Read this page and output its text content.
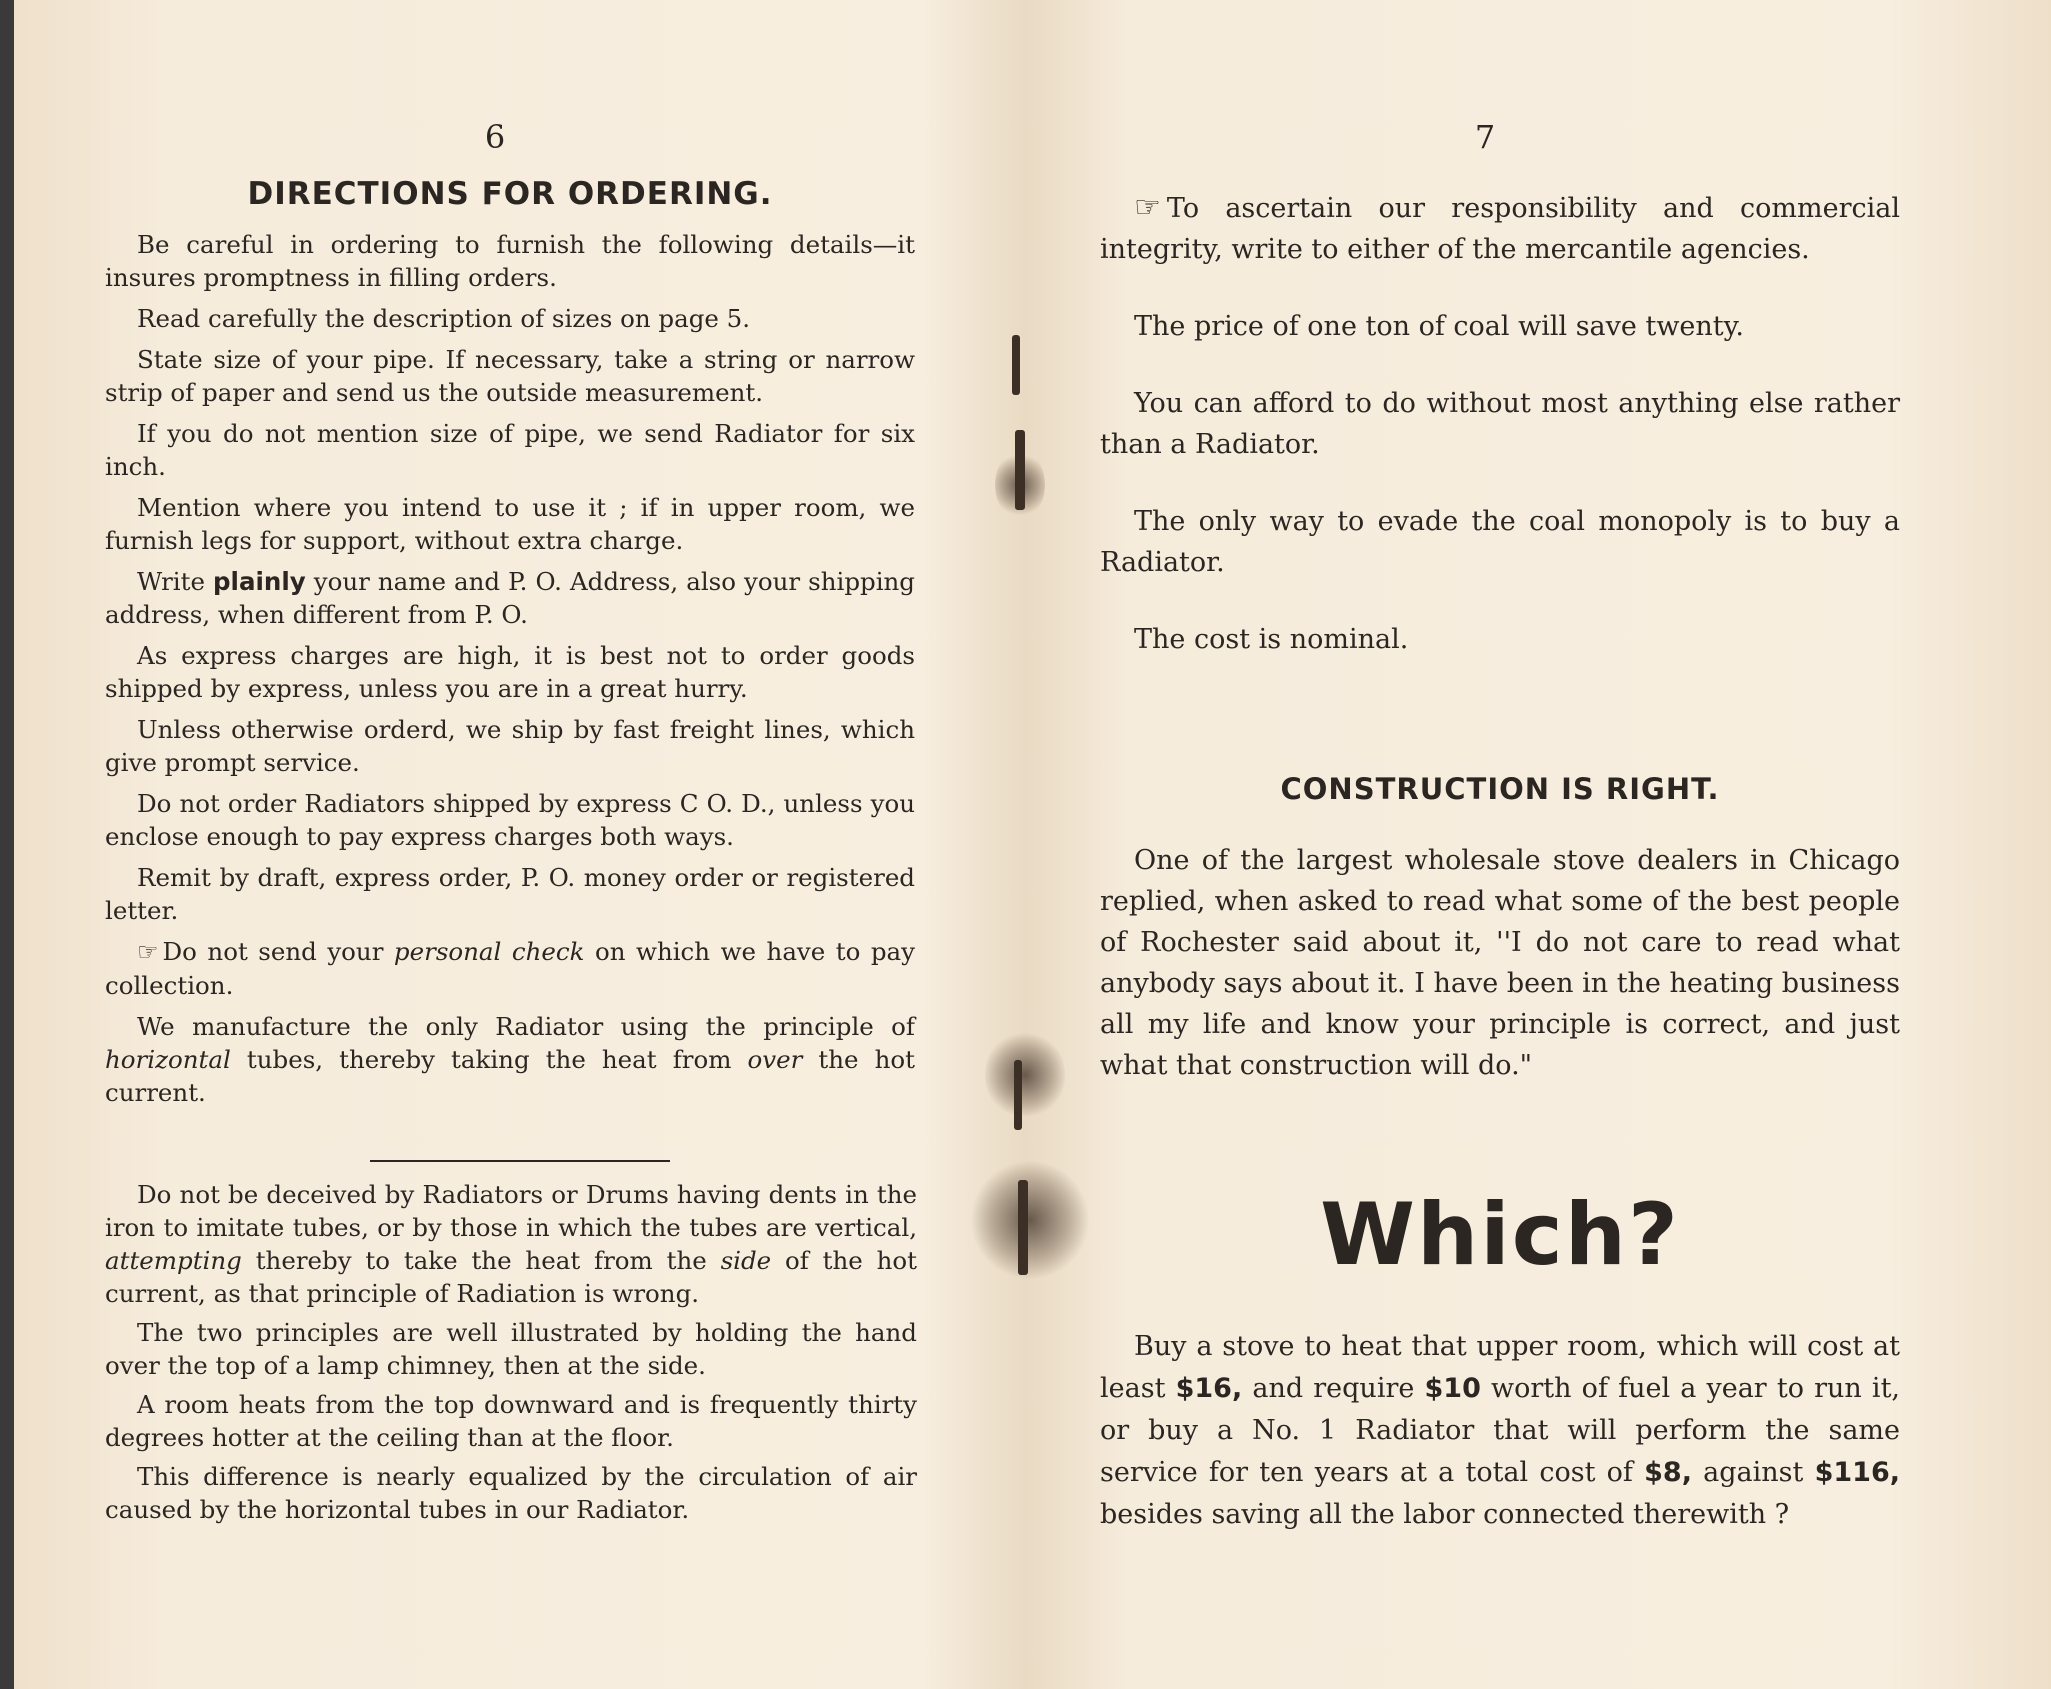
6
DIRECTIONS FOR ORDERING.

Be careful in ordering to furnish the following details—it insures promptness in filling orders.

Read carefully the description of sizes on page 5.

State size of your pipe. If necessary, take a string or narrow strip of paper and send us the outside measurement.

If you do not mention size of pipe, we send Radiator for six inch.

Mention where you intend to use it ; if in upper room, we furnish legs for support, without extra charge.

Write plainly your name and P. O. Address, also your shipping address, when different from P. O.

As express charges are high, it is best not to order goods shipped by express, unless you are in a great hurry.

Unless otherwise orderd, we ship by fast freight lines, which give prompt service.

Do not order Radiators shipped by express C O. D., unless you enclose enough to pay express charges both ways.

Remit by draft, express order, P. O. money order or registered letter.

☞ Do not send your personal check on which we have to pay collection.

We manufacture the only Radiator using the principle of horizontal tubes, thereby taking the heat from over the hot current.

Do not be deceived by Radiators or Drums having dents in the iron to imitate tubes, or by those in which the tubes are vertical, attempting thereby to take the heat from the side of the hot current, as that principle of Radiation is wrong.

The two principles are well illustrated by holding the hand over the top of a lamp chimney, then at the side.

A room heats from the top downward and is frequently thirty degrees hotter at the ceiling than at the floor.

This difference is nearly equalized by the circulation of air caused by the horizontal tubes in our Radiator.

7

☞ To ascertain our responsibility and commercial integrity, write to either of the mercantile agencies.

The price of one ton of coal will save twenty.

You can afford to do without most anything else rather than a Radiator.

The only way to evade the coal monopoly is to buy a Radiator.

The cost is nominal.

CONSTRUCTION IS RIGHT.

One of the largest wholesale stove dealers in Chicago replied, when asked to read what some of the best people of Rochester said about it, ''I do not care to read what anybody says about it. I have been in the heating business all my life and know your principle is correct, and just what that construction will do."

Which?

Buy a stove to heat that upper room, which will cost at least $16, and require $10 worth of fuel a year to run it, or buy a No. 1 Radiator that will perform the same service for ten years at a total cost of $8, against $116, besides saving all the labor connected therewith ?
